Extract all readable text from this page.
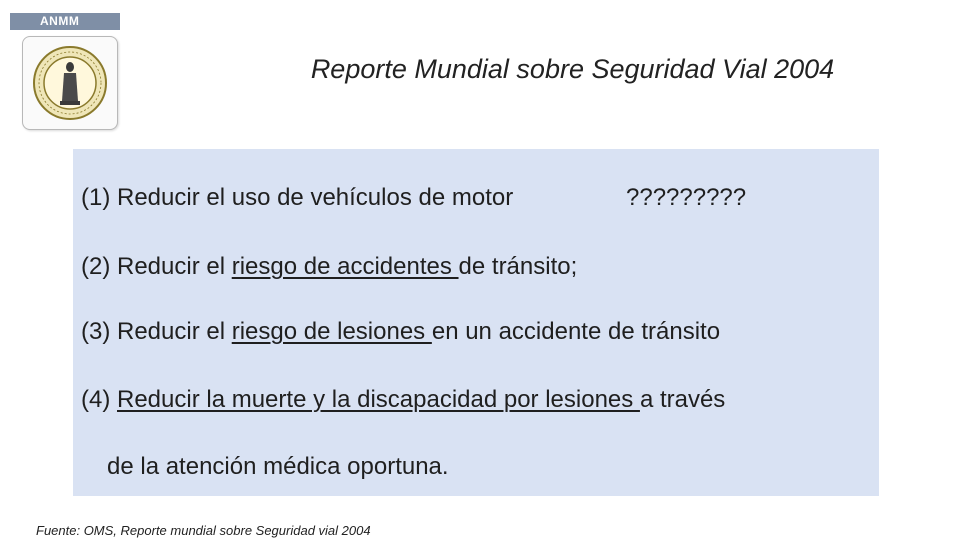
ANMM
Reporte Mundial sobre Seguridad Vial 2004
(1) Reducir el uso de vehículos de motor	?????????
(2) Reducir el riesgo de accidentes de tránsito;
(3) Reducir el riesgo de lesiones en un accidente de tránsito
(4) Reducir la muerte y la discapacidad por lesiones a través
de la atención médica oportuna.
Fuente: OMS, Reporte mundial sobre Seguridad vial 2004
